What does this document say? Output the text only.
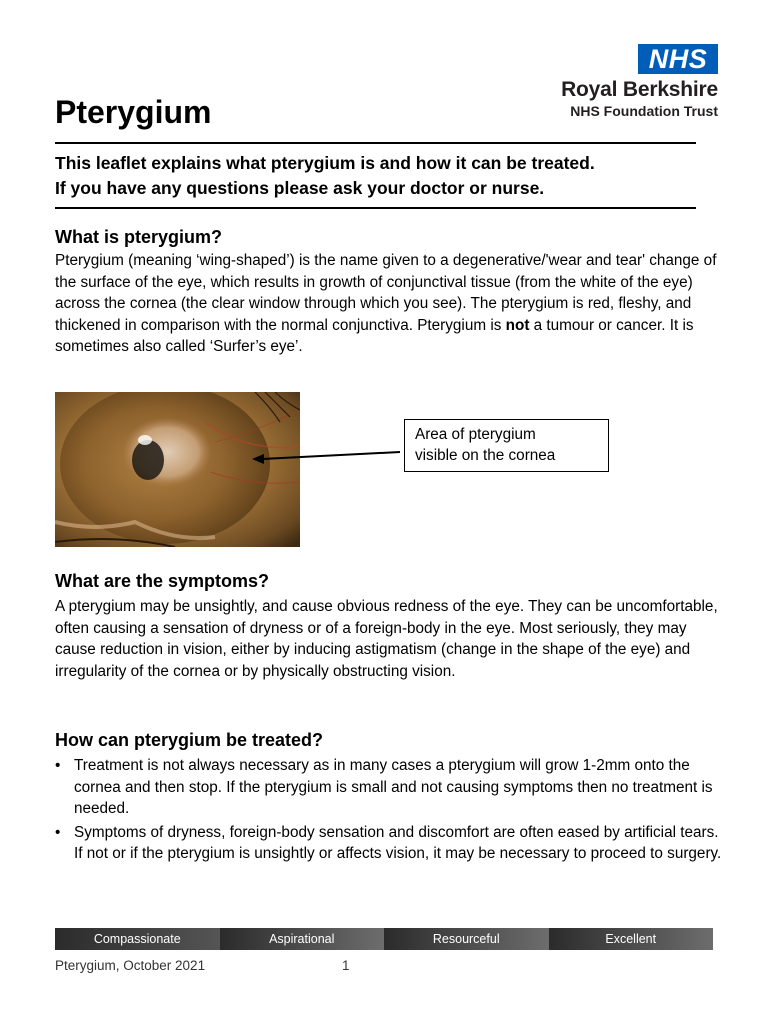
NHS
Royal Berkshire
NHS Foundation Trust
Pterygium
This leaflet explains what pterygium is and how it can be treated.
If you have any questions please ask your doctor or nurse.
What is pterygium?
Pterygium (meaning ‘wing-shaped’) is the name given to a degenerative/'wear and tear' change of the surface of the eye, which results in growth of conjunctival tissue (from the white of the eye) across the cornea (the clear window through which you see). The pterygium is red, fleshy, and thickened in comparison with the normal conjunctiva. Pterygium is not a tumour or cancer. It is sometimes also called ‘Surfer’s eye’.
Area of pterygium
visible on the cornea
What are the symptoms?
A pterygium may be unsightly, and cause obvious redness of the eye. They can be uncomfortable, often causing a sensation of dryness or of a foreign-body in the eye. Most seriously, they may cause reduction in vision, either by inducing astigmatism (change in the shape of the eye) and irregularity of the cornea or by physically obstructing vision.
How can pterygium be treated?
• Treatment is not always necessary as in many cases a pterygium will grow 1-2mm onto the cornea and then stop. If the pterygium is small and not causing symptoms then no treatment is needed.
• Symptoms of dryness, foreign-body sensation and discomfort are often eased by artificial tears. If not or if the pterygium is unsightly or affects vision, it may be necessary to proceed to surgery.
Compassionate	Aspirational	Resourceful	Excellent
Pterygium, October 2021	1
